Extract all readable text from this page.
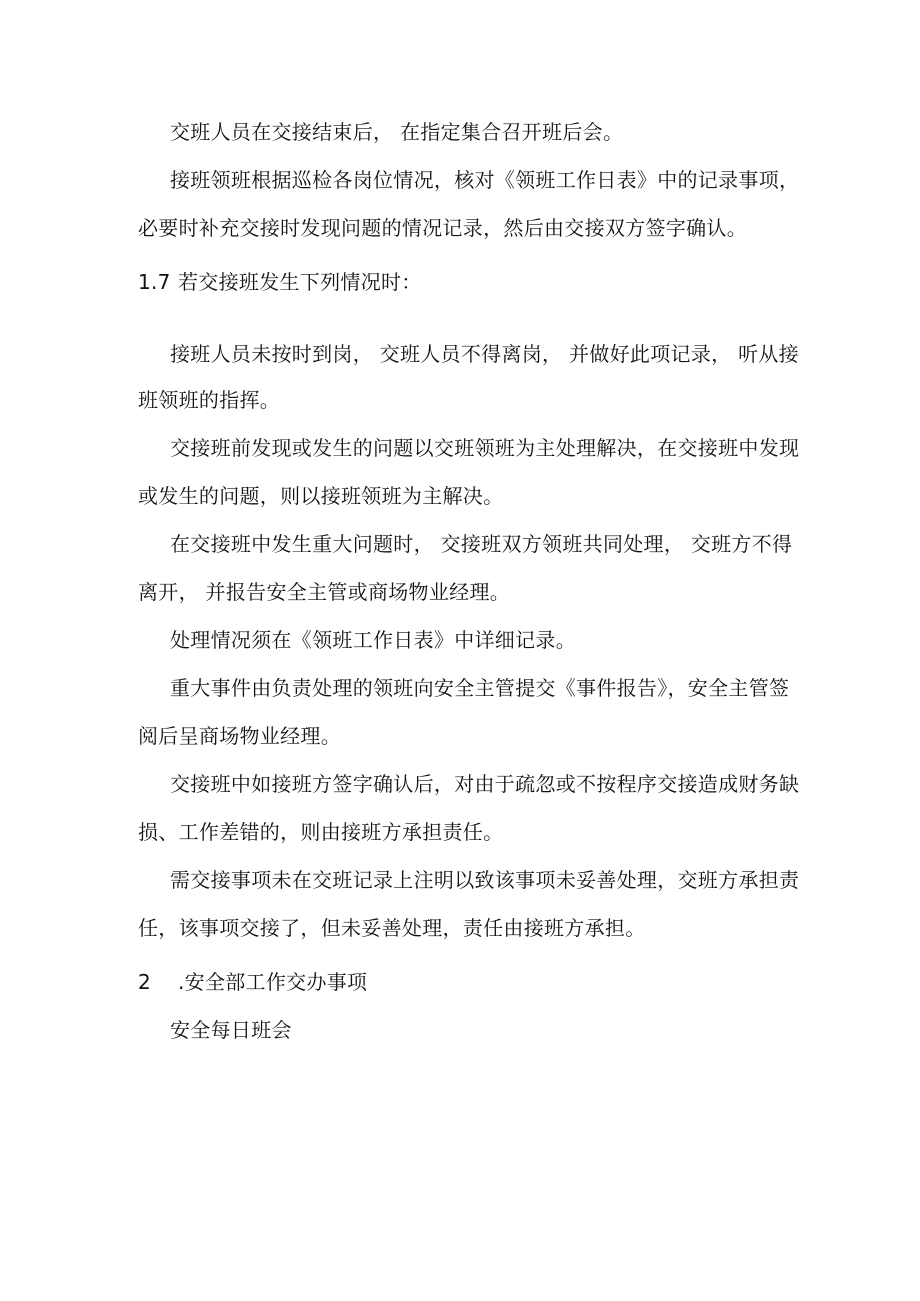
交班人员在交接结束后， 在指定集合召开班后会。
接班领班根据巡检各岗位情况，核对《领班工作日表》中的记录事项，
必要时补充交接时发现问题的情况记录，然后由交接双方签字确认。
1.7 若交接班发生下列情况时：
接班人员未按时到岗， 交班人员不得离岗， 并做好此项记录， 听从接
班领班的指挥。
交接班前发现或发生的问题以交班领班为主处理解决，在交接班中发现
或发生的问题，则以接班领班为主解决。
在交接班中发生重大问题时， 交接班双方领班共同处理， 交班方不得
离开， 并报告安全主管或商场物业经理。
处理情况须在《领班工作日表》中详细记录。
重大事件由负责处理的领班向安全主管提交《事件报告》，安全主管签
阅后呈商场物业经理。
交接班中如接班方签字确认后，对由于疏忽或不按程序交接造成财务缺
损、工作差错的，则由接班方承担责任。
需交接事项未在交班记录上注明以致该事项未妥善处理，交班方承担责
任，该事项交接了，但未妥善处理，责任由接班方承担。
2 .安全部工作交办事项
安全每日班会
